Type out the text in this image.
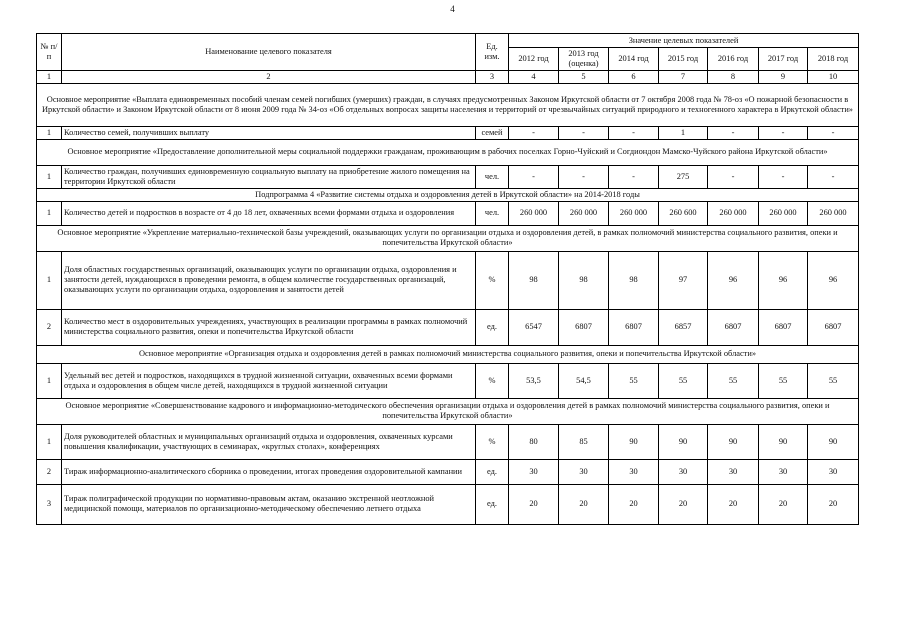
4
№ п/п	Наименование целевого показателя	Ед. изм.	Значение целевых показателей						
			2012 год	2013 год (оценка)	2014 год	2015 год	2016 год	2017 год	2018 год
1	2	3	4	5	6	7	8	9	10
Основное мероприятие «Выплата единовременных пособий членам семей погибших (умерших) граждан, в случаях предусмотренных Законом Иркутской области от 7 октября 2008 года № 78-оз «О пожарной безопасности в Иркутской области» и Законом Иркутской области от 8 июня 2009 года № 34-оз «Об отдельных вопросах защиты населения и территорий от чрезвычайных ситуаций природного и техногенного характера в Иркутской области»									
1	Количество семей, получивших выплату	семей	-	-	-	1	-	-	-
Основное мероприятие «Предоставление дополнительной меры социальной поддержки гражданам, проживающим в рабочих поселках Горно-Чуйский и Согдиондон Мамско-Чуйского района Иркутской области»									
1	Количество граждан, получивших единовременную социальную выплату на приобретение жилого помещения на территории Иркутской области	чел.	-	-	-	275	-	-	-
Подпрограмма 4 «Развитие системы отдыха и оздоровления детей в Иркутской области» на 2014-2018 годы									
1	Количество детей и подростков в возрасте от 4 до 18 лет, охваченных всеми формами отдыха и оздоровления	чел.	260 000	260 000	260 000	260 600	260 000	260 000	260 000
Основное мероприятие «Укрепление материально-технической базы учреждений, оказывающих услуги по организации отдыха и оздоровления детей, в рамках полномочий министерства социального развития, опеки и попечительства Иркутской области»									
1	Доля областных государственных организаций, оказывающих услуги по организации отдыха, оздоровления и занятости детей, нуждающихся в проведении ремонта, в общем количестве государственных организаций, оказывающих услуги по организации отдыха, оздоровления и занятости детей	%	98	98	98	97	96	96	96
2	Количество мест в оздоровительных учреждениях, участвующих в реализации программы в рамках полномочий министерства социального развития, опеки и попечительства Иркутской области	ед.	6547	6807	6807	6857	6807	6807	6807
Основное мероприятие «Организация отдыха и оздоровления детей в рамках полномочий министерства социального развития, опеки и попечительства Иркутской области»									
1	Удельный вес детей и подростков, находящихся в трудной жизненной ситуации, охваченных всеми формами отдыха и оздоровления в общем числе детей, находящихся в трудной жизненной ситуации	%	53,5	54,5	55	55	55	55	55
Основное мероприятие «Совершенствование кадрового и информационно-методического обеспечения организации отдыха и оздоровления детей в рамках полномочий министерства социального развития, опеки и попечительства Иркутской области»									
1	Доля руководителей областных и муниципальных организаций отдыха и оздоровления, охваченных курсами повышения квалификации, участвующих в семинарах, «круглых столах», конференциях	%	80	85	90	90	90	90	90
2	Тираж информационно-аналитического сборника о проведении, итогах проведения оздоровительной кампании	ед.	30	30	30	30	30	30	30
3	Тираж полиграфической продукции по нормативно-правовым актам, оказанию экстренной неотложной медицинской помощи, материалов по организационно-методическому обеспечению летнего отдыха	ед.	20	20	20	20	20	20	20
